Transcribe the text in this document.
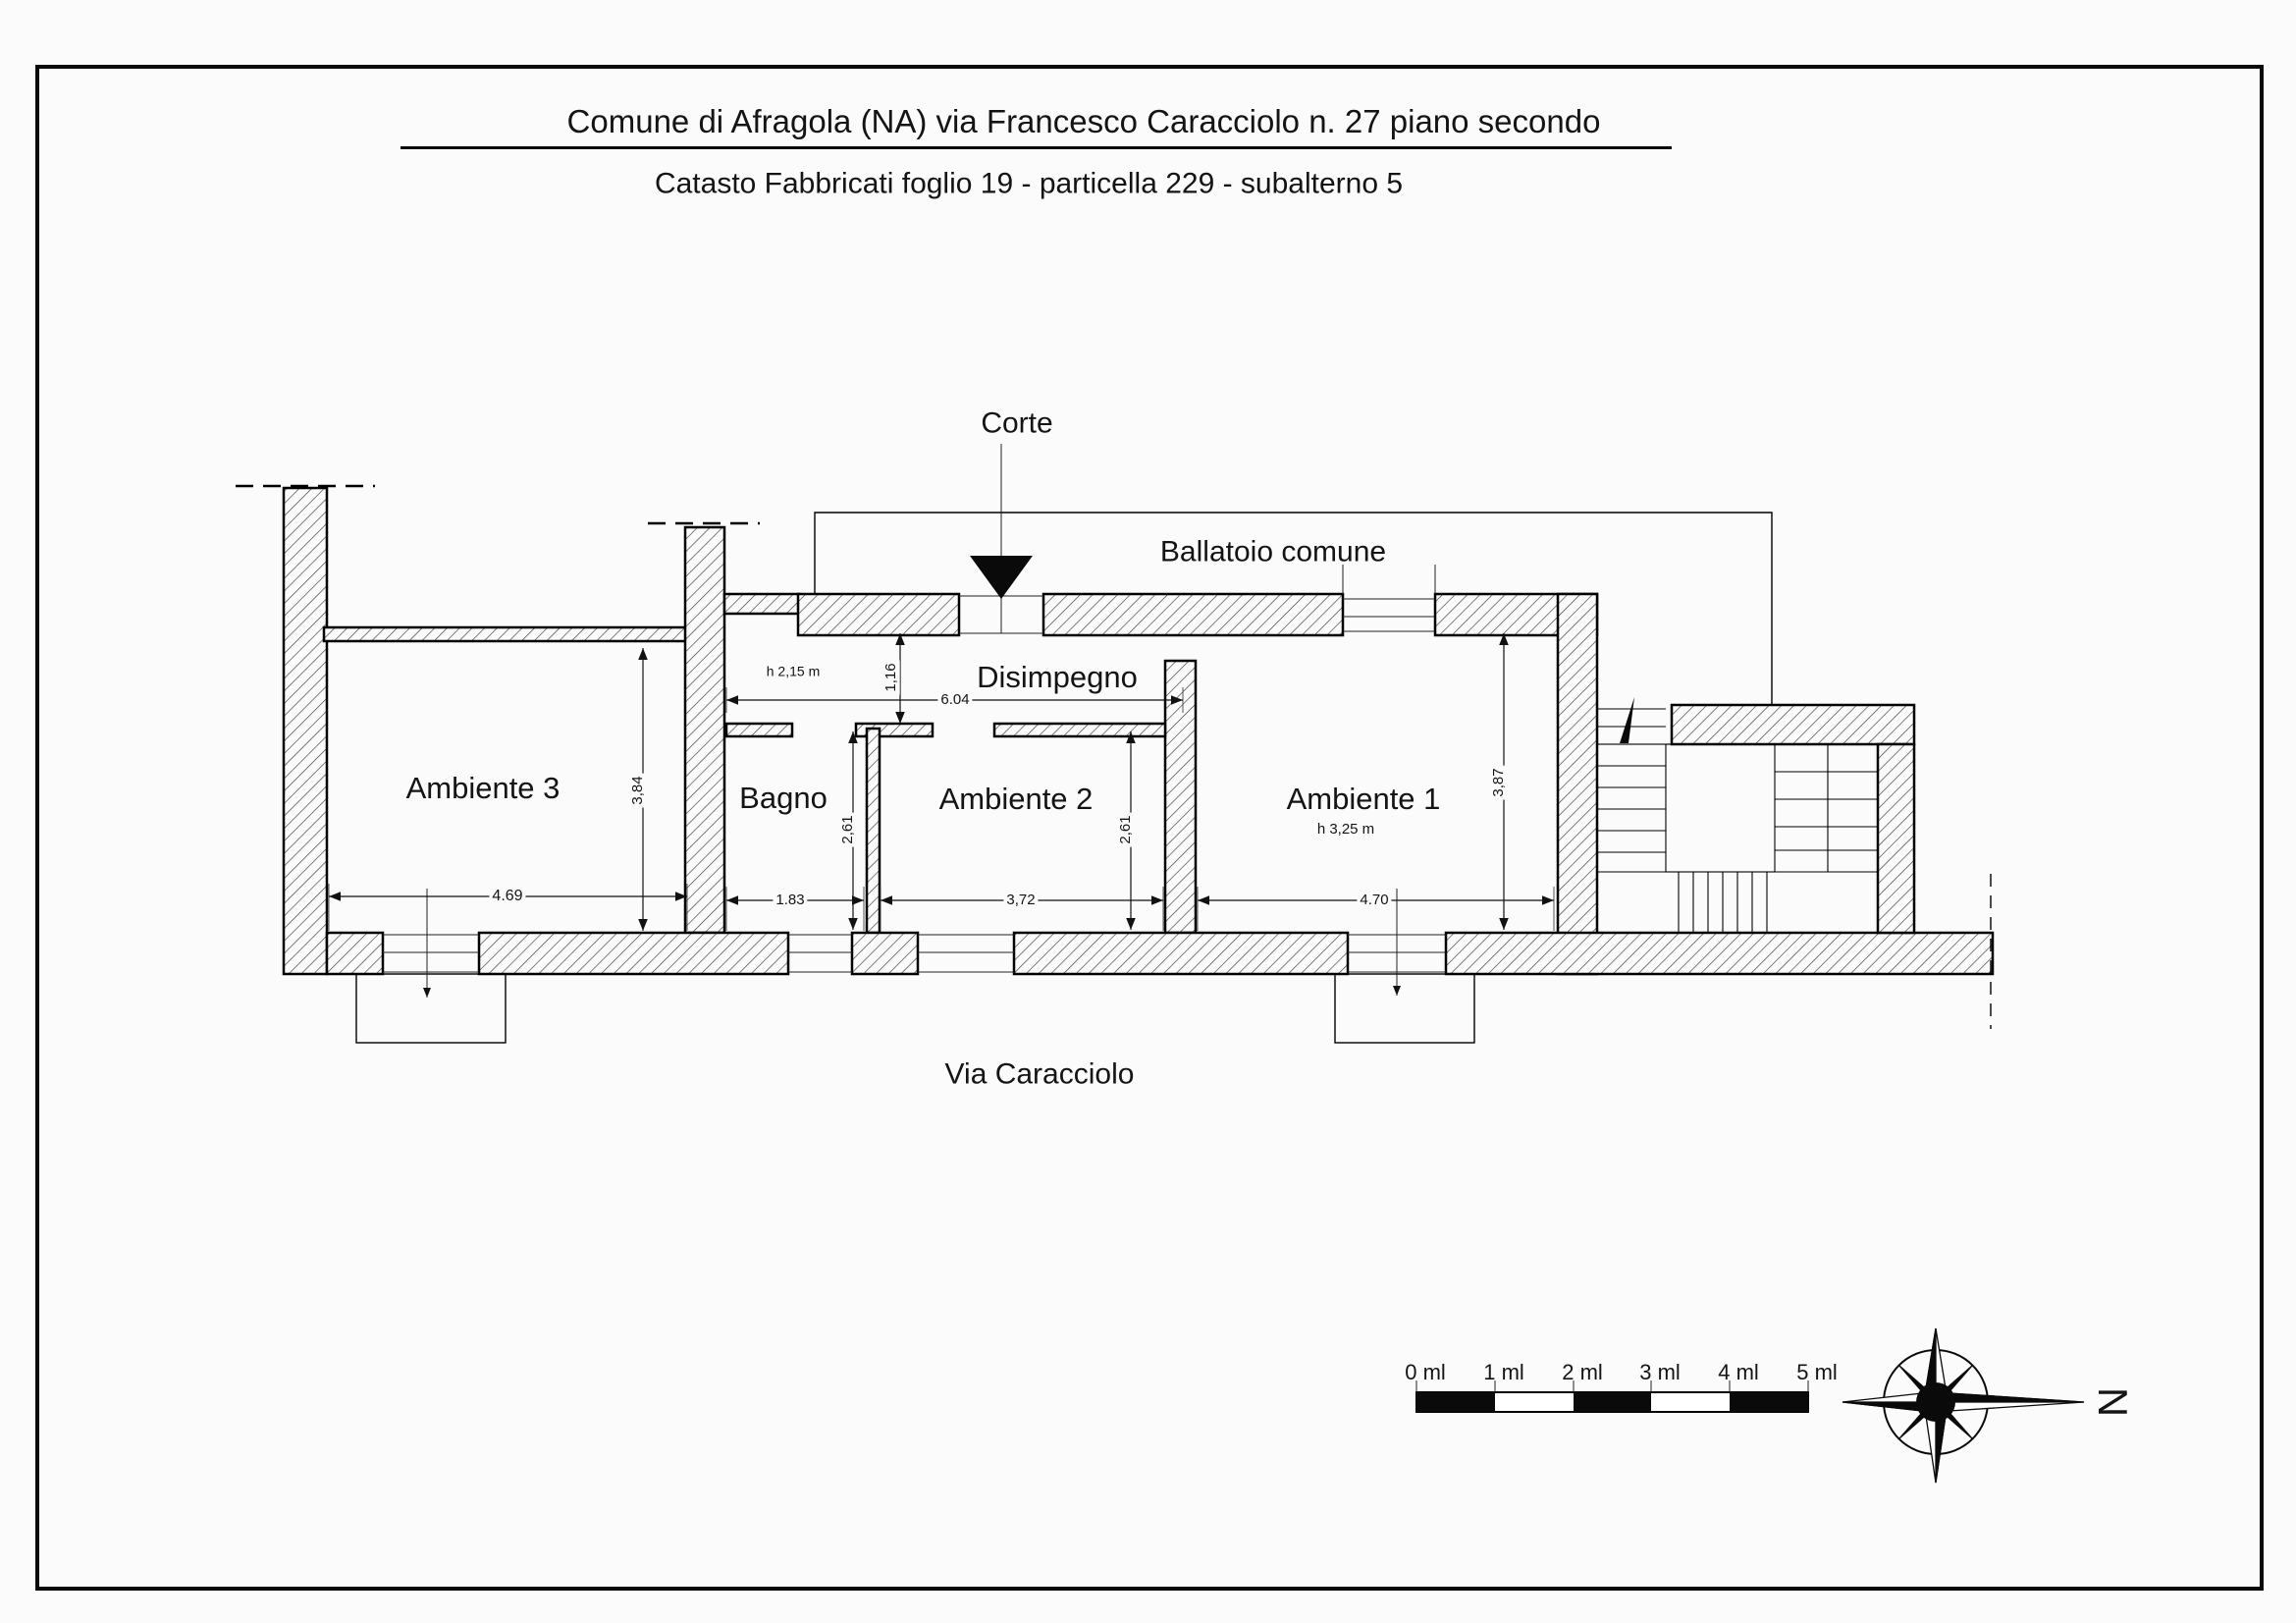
Comune di Afragola (NA) via Francesco Caracciolo n. 27 piano secondo
Catasto Fabbricati foglio 19 - particella 229 - subalterno 5
Corte
Ballatoio comune
Via Caracciolo
Disimpegno
Ambiente 3	Bagno	Ambiente 2	Ambiente 1
h 2,15 m
h 3,25 m
4.69
3,84
1.83
2,61
3,72
2,61
4.70
3,87
6.04
1,16
0 ml 1 ml 2 ml 3 ml 4 ml 5 ml
N
